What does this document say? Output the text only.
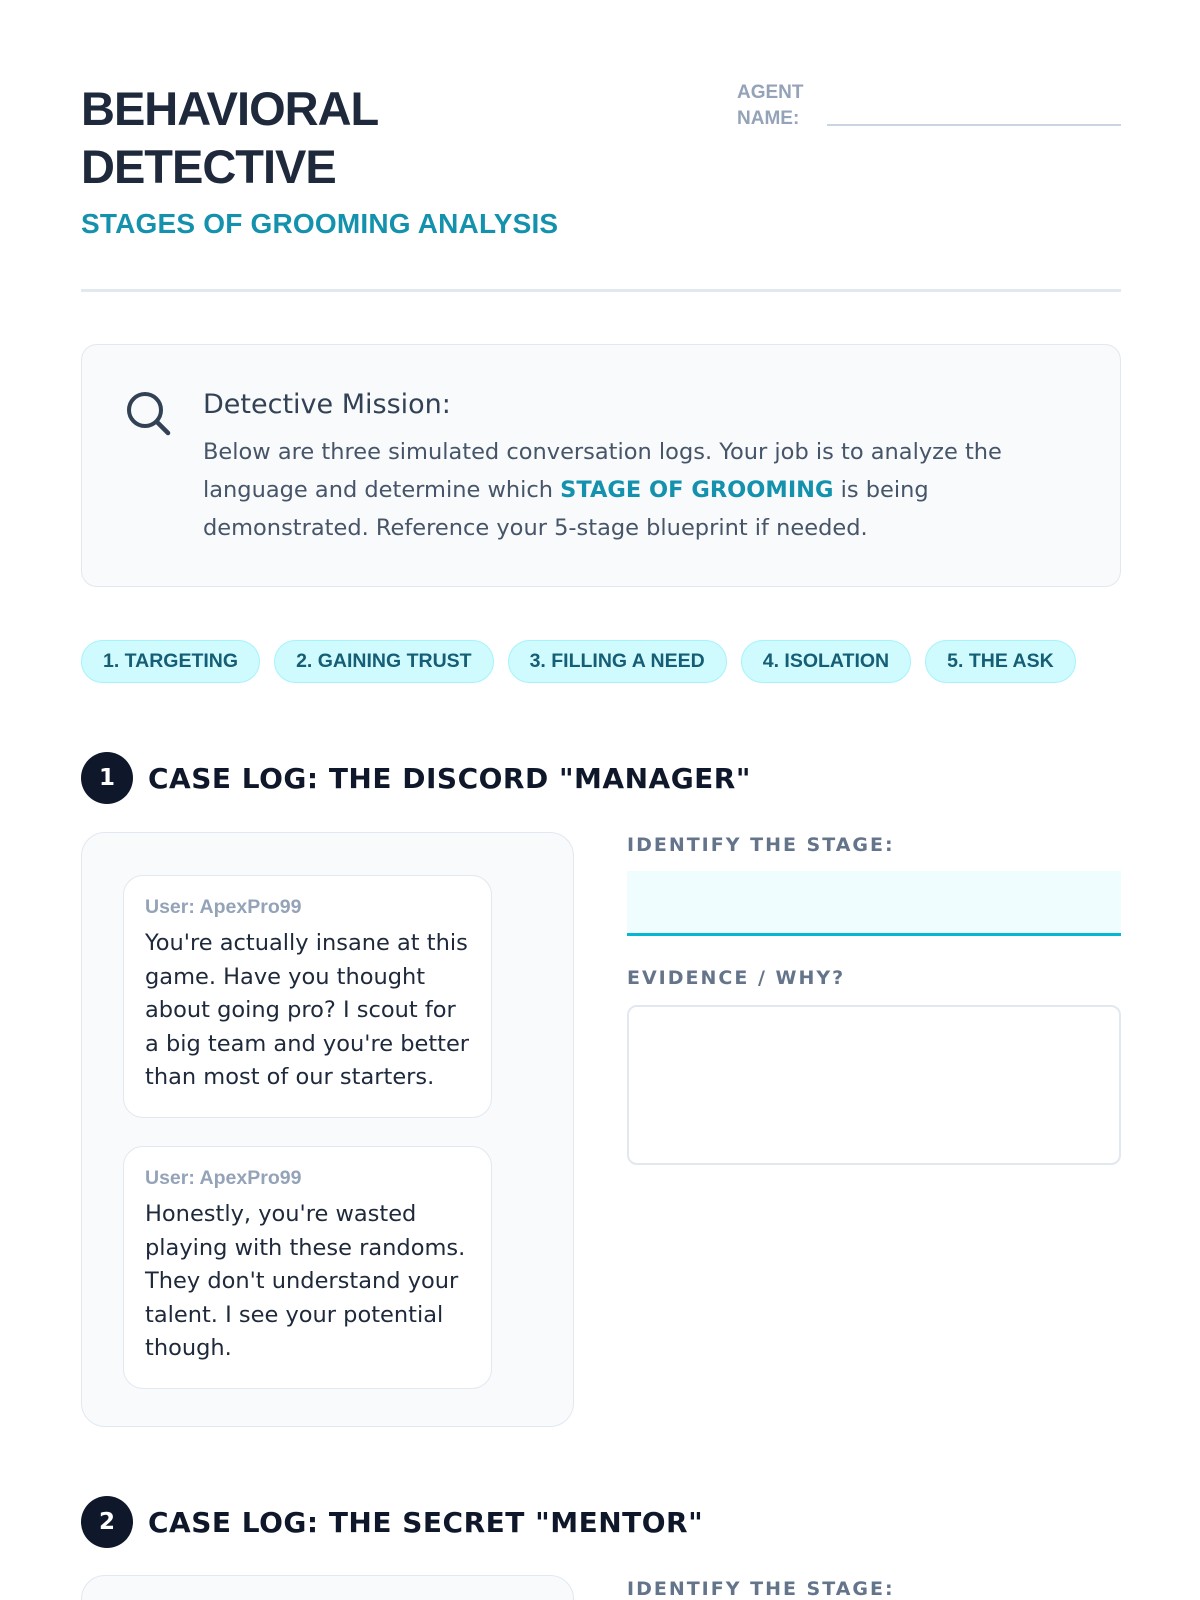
BEHAVIORAL DETECTIVE
STAGES OF GROOMING ANALYSIS
AGENT NAME:
Detective Mission:
Below are three simulated conversation logs. Your job is to analyze the language and determine which STAGE OF GROOMING is being demonstrated. Reference your 5-stage blueprint if needed.
1. TARGETING	2. GAINING TRUST	3. FILLING A NEED	4. ISOLATION	5. THE ASK
1	CASE LOG: THE DISCORD "MANAGER"
User: ApexPro99
You're actually insane at this game. Have you thought about going pro? I scout for a big team and you're better than most of our starters.
User: ApexPro99
Honestly, you're wasted playing with these randoms. They don't understand your talent. I see your potential though.
IDENTIFY THE STAGE:
EVIDENCE / WHY?
2	CASE LOG: THE SECRET "MENTOR"
IDENTIFY THE STAGE:
